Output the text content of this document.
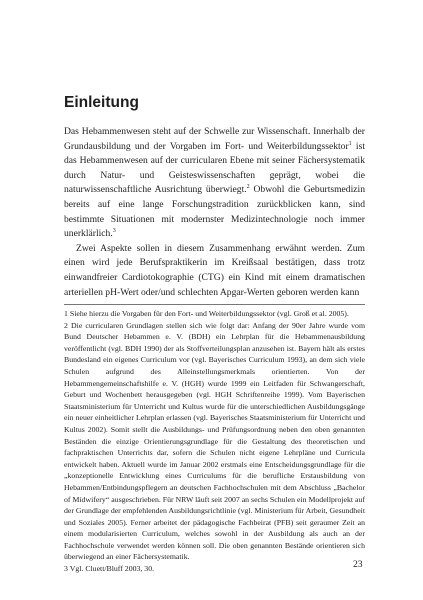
Einleitung

Das Hebammenwesen steht auf der Schwelle zur Wissenschaft. Innerhalb der Grundausbildung und der Vorgaben im Fort- und Weiterbildungssektor$^1$ ist das Hebammenwesen auf der curricularen Ebene mit seiner Fächersystematik durch Natur- und Geisteswissenschaften geprägt, wobei die naturwissenschaftliche Ausrichtung überwiegt.$^2$ Obwohl die Geburtsmedizin bereits auf eine lange Forschungstradition zurückblicken kann, sind bestimmte Situationen mit modernster Medizintechnologie noch immer unerklärlich.$^3$

Zwei Aspekte sollen in diesem Zusammenhang erwähnt werden. Zum einen wird jede Berufspraktikerin im Kreißsaal bestätigen, dass trotz einwandfreier Cardiotokographie (CTG) ein Kind mit einem dramatischen arteriellen pH-Wert oder/und schlechten Apgar-Werten geboren werden kann

1 Siehe hierzu die Vorgaben für den Fort- und Weiterbildungssektor (vgl. Groß et al. 2005).

2 Die curricularen Grundlagen stellen sich wie folgt dar: Anfang der 90er Jahre wurde vom Bund Deutscher Hebammen e. V. (BDH) ein Lehrplan für die Hebammenausbildung veröffentlicht (vgl. BDH 1990) der als Stoffverteilungsplan anzusehen ist. Bayern hält als erstes Bundesland ein eigenes Curriculum vor (vgl. Bayerisches Curriculum 1993), an dem sich viele Schulen aufgrund des Alleinstellungsmerkmals orientierten. Von der Hebammengemeinschaftshilfe e. V. (HGH) wurde 1999 ein Leitfaden für Schwangerschaft, Geburt und Wochenbett herausgegeben (vgl. HGH Schriftenreihe 1999). Vom Bayerischen Staatsministerium für Unterricht und Kultus wurde für die unterschiedlichen Ausbildungsgänge ein neuer einheitlicher Lehrplan erlassen (vgl. Bayerisches Staatsministerium für Unterricht und Kultus 2002). Somit stellt die Ausbildungs- und Prüfungsordnung neben den oben genannten Beständen die einzige Orientierungsgrundlage für die Gestaltung des theoretischen und fachpraktischen Unterrichts dar, sofern die Schulen nicht eigene Lehrpläne und Curricula entwickelt haben. Aktuell wurde im Januar 2002 erstmals eine Entscheidungsgrundlage für die „konzeptionelle Entwicklung eines Curriculums für die berufliche Erstausbildung von Hebammen/Entbindungspflegern an deutschen Fachhochschulen mit dem Abschluss „Bachelor of Midwifery“ ausgeschrieben. Für NRW läuft seit 2007 an sechs Schulen ein Modellprojekt auf der Grundlage der empfehlenden Ausbildungsrichtlinie (vgl. Ministerium für Arbeit, Gesundheit und Soziales 2005). Ferner arbeitet der pädagogische Fachbeirat (PFB) seit geraumer Zeit an einem modularisierten Curriculum, welches sowohl in der Ausbildung als auch an der Fachhochschule verwendet werden können soll. Die oben genannten Bestände orientieren sich überwiegend an einer Fächersystematik.

3 Vgl. Cluett/Bluff 2003, 30.	23
